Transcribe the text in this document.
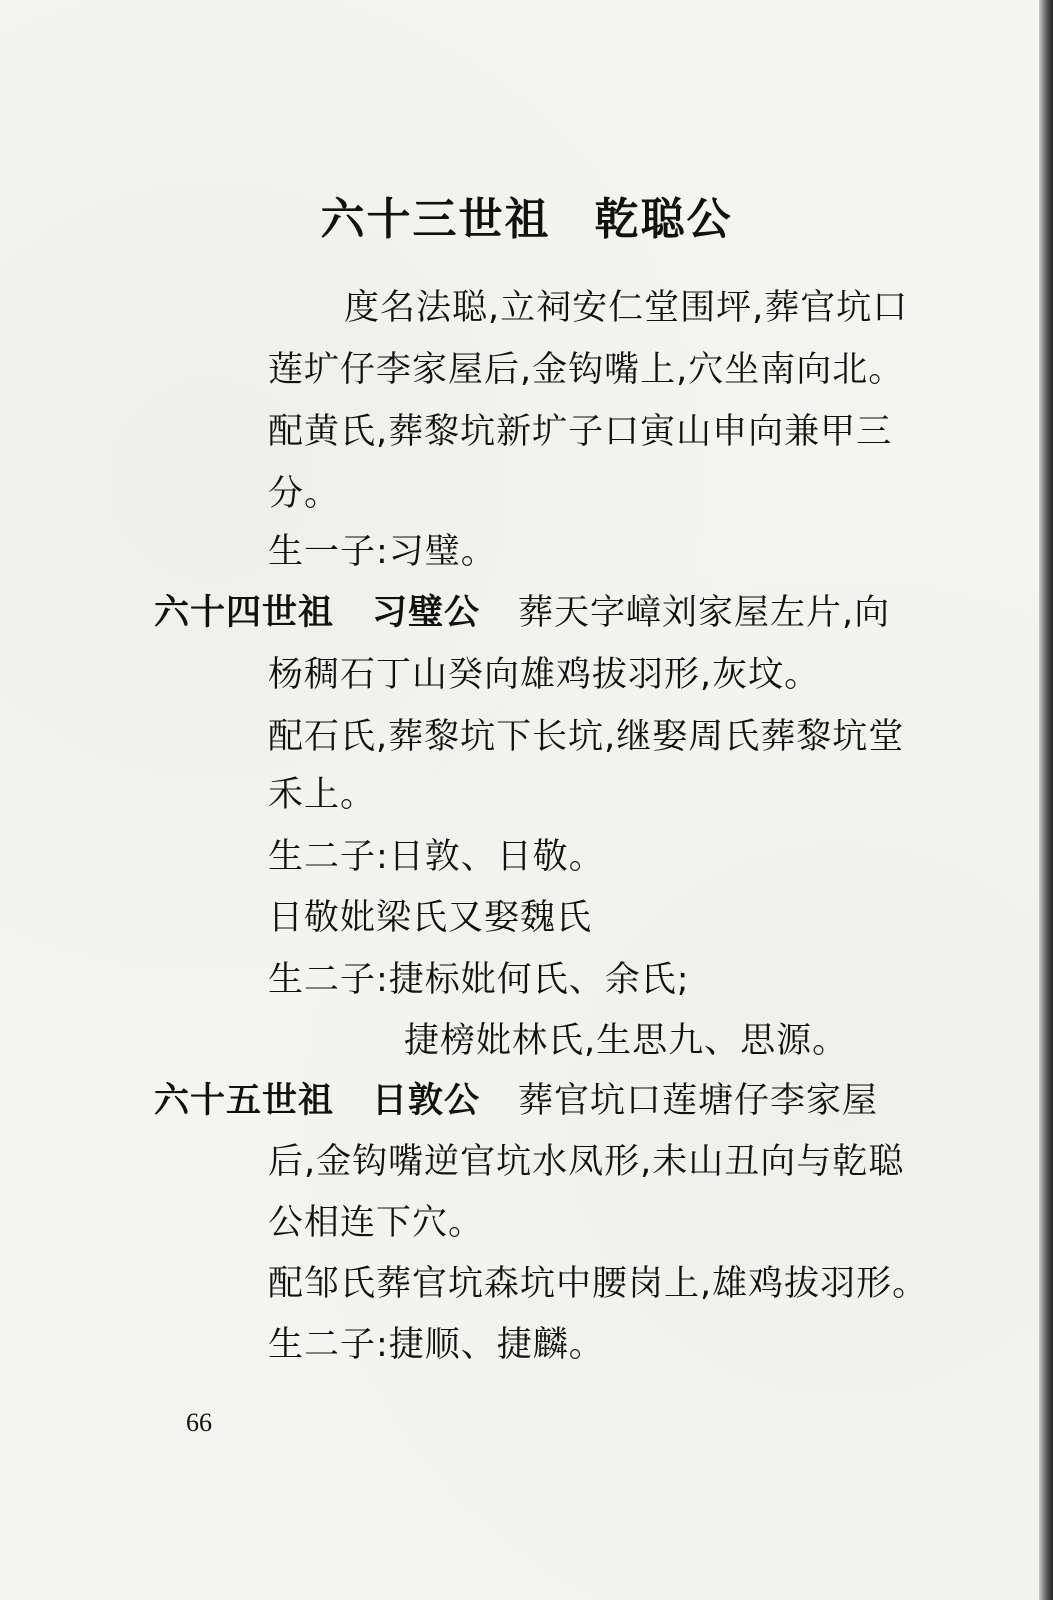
六十三世祖 乾聪公
度名法聪,立祠安仁堂围坪,葬官坑口
莲圹仔李家屋后,金钩嘴上,穴坐南向北。
配黄氏,葬黎坑新圹子口寅山申向兼甲三
分。
生一子:习璧。
六十四世祖 习璧公 葬天字嶂刘家屋左片,向
杨稠石丁山癸向雄鸡拔羽形,灰坟。
配石氏,葬黎坑下长坑,继娶周氏葬黎坑堂
禾上。
生二子:日敦、日敬。
日敬妣梁氏又娶魏氏
生二子:捷标妣何氏、余氏;
捷榜妣林氏,生思九、思源。
六十五世祖 日敦公 葬官坑口莲塘仔李家屋
后,金钩嘴逆官坑水凤形,未山丑向与乾聪
公相连下穴。
配邹氏葬官坑森坑中腰岗上,雄鸡拔羽形。
生二子:捷顺、捷麟。
66
